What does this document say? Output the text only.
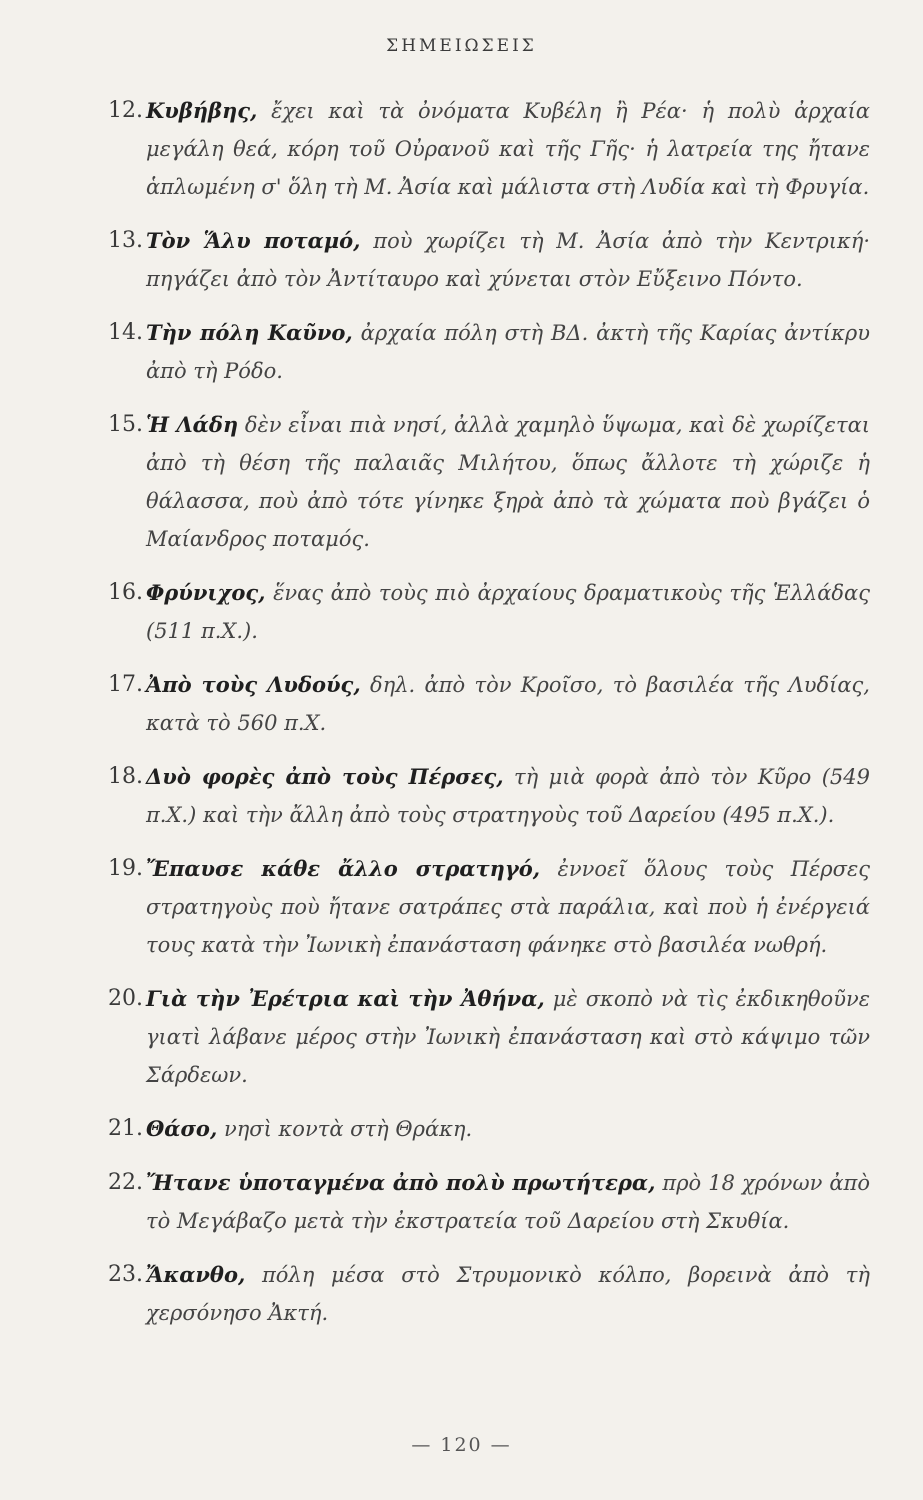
ΣΗΜΕΙΩΣΕΙΣ
12. Κυβήβης, ἔχει καὶ τὰ ὀνόματα Κυβέλη ἢ Ρέα· ἡ πολὺ ἀρχαία μεγάλη θεά, κόρη τοῦ Οὐρανοῦ καὶ τῆς Γῆς· ἡ λατρεία της ἤτανε ἁπλωμένη σ' ὅλη τὴ Μ. Ἀσία καὶ μάλιστα στὴ Λυδία καὶ τὴ Φρυγία.
13. Τὸν Ἅλυ ποταμό, ποὺ χωρίζει τὴ Μ. Ἀσία ἀπὸ τὴν Κεντρική· πηγάζει ἀπὸ τὸν Ἀντίταυρο καὶ χύνεται στὸν Εὔξεινο Πόντο.
14. Τὴν πόλη Καῦνο, ἀρχαία πόλη στὴ ΒΔ. ἀκτὴ τῆς Καρίας ἀντίκρυ ἀπὸ τὴ Ρόδο.
15. Ἡ Λάδη δὲν εἶναι πιὰ νησί, ἀλλὰ χαμηλὸ ὕψωμα, καὶ δὲ χωρίζεται ἀπὸ τὴ θέση τῆς παλαιᾶς Μιλήτου, ὅπως ἄλλοτε τὴ χώριζε ἡ θάλασσα, ποὺ ἀπὸ τότε γίνηκε ξηρὰ ἀπὸ τὰ χώματα ποὺ βγάζει ὁ Μαίανδρος ποταμός.
16. Φρύνιχος, ἕνας ἀπὸ τοὺς πιὸ ἀρχαίους δραματικοὺς τῆς Ἑλλάδας (511 π.Χ.).
17. Ἀπὸ τοὺς Λυδούς, δηλ. ἀπὸ τὸν Κροῖσο, τὸ βασιλέα τῆς Λυδίας, κατὰ τὸ 560 π.Χ.
18. Δυὸ φορὲς ἀπὸ τοὺς Πέρσες, τὴ μιὰ φορὰ ἀπὸ τὸν Κῦρο (549 π.Χ.) καὶ τὴν ἄλλη ἀπὸ τοὺς στρατηγοὺς τοῦ Δαρείου (495 π.Χ.).
19. Ἔπαυσε κάθε ἄλλο στρατηγό, ἐννοεῖ ὅλους τοὺς Πέρσες στρατηγοὺς ποὺ ἤτανε σατράπες στὰ παράλια, καὶ ποὺ ἡ ἐνέργειά τους κατὰ τὴν Ἰωνικὴ ἐπανάσταση φάνηκε στὸ βασιλέα νωθρή.
20. Γιὰ τὴν Ἐρέτρια καὶ τὴν Ἀθήνα, μὲ σκοπὸ νὰ τὶς ἐκδικηθοῦνε γιατὶ λάβανε μέρος στὴν Ἰωνικὴ ἐπανάσταση καὶ στὸ κάψιμο τῶν Σάρδεων.
21. Θάσο, νησὶ κοντὰ στὴ Θράκη.
22. Ἤτανε ὑποταγμένα ἀπὸ πολὺ πρωτήτερα, πρὸ 18 χρόνων ἀπὸ τὸ Μεγάβαζο μετὰ τὴν ἐκστρατεία τοῦ Δαρείου στὴ Σκυθία.
23. Ἄκανθο, πόλη μέσα στὸ Στρυμονικὸ κόλπο, βορεινὰ ἀπὸ τὴ χερσόνησο Ἀκτή.
— 120 —
